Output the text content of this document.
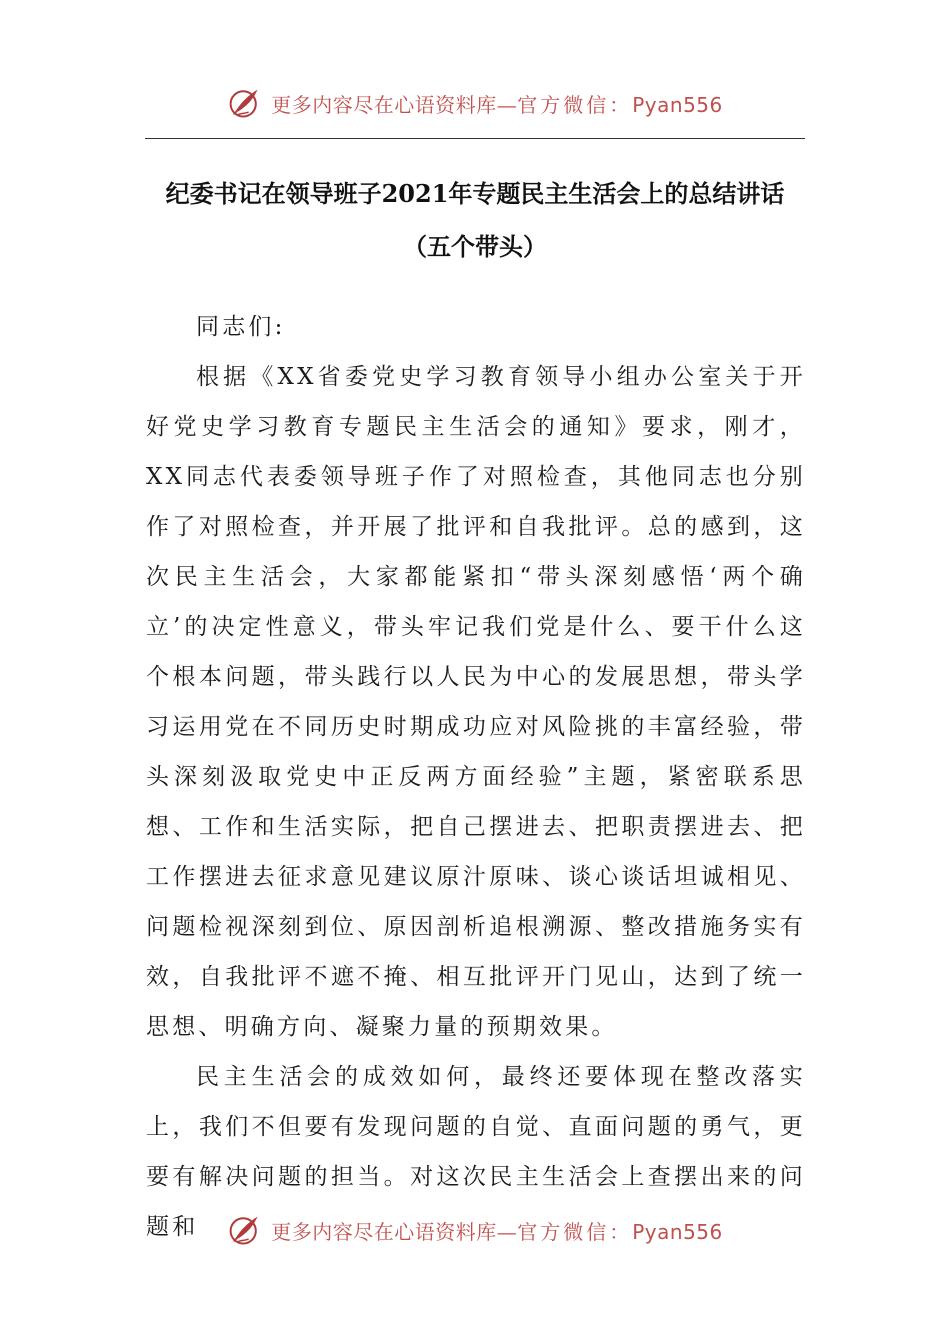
更多内容尽在心语资料库—官方微信：Pyan556
纪委书记在领导班子2021年专题民主生活会上的总结讲话
（五个带头）

同志们:

根据《XX省委党史学习教育领导小组办公室关于开好党史学习教育专题民主生活会的通知》要求，刚才，XX同志代表委领导班子作了对照检查，其他同志也分别作了对照检查，并开展了批评和自我批评。总的感到，这次民主生活会，大家都能紧扣“带头深刻感悟‘两个确立’的决定性意义，带头牢记我们党是什么、要干什么这个根本问题，带头践行以人民为中心的发展思想，带头学习运用党在不同历史时期成功应对风险挑的丰富经验，带头深刻汲取党史中正反两方面经验”主题，紧密联系思想、工作和生活实际，把自己摆进去、把职责摆进去、把工作摆进去征求意见建议原汁原味、谈心谈话坦诚相见、问题检视深刻到位、原因剖析追根溯源、整改措施务实有效，自我批评不遮不掩、相互批评开门见山，达到了统一思想、明确方向、凝聚力量的预期效果。

民主生活会的成效如何，最终还要体现在整改落实上，我们不但要有发现问题的自觉、直面问题的勇气，更要有解决问题的担当。对这次民主生活会上查摆出来的问题和	更多内容尽在心语资料库—官方微信：Pyan556
